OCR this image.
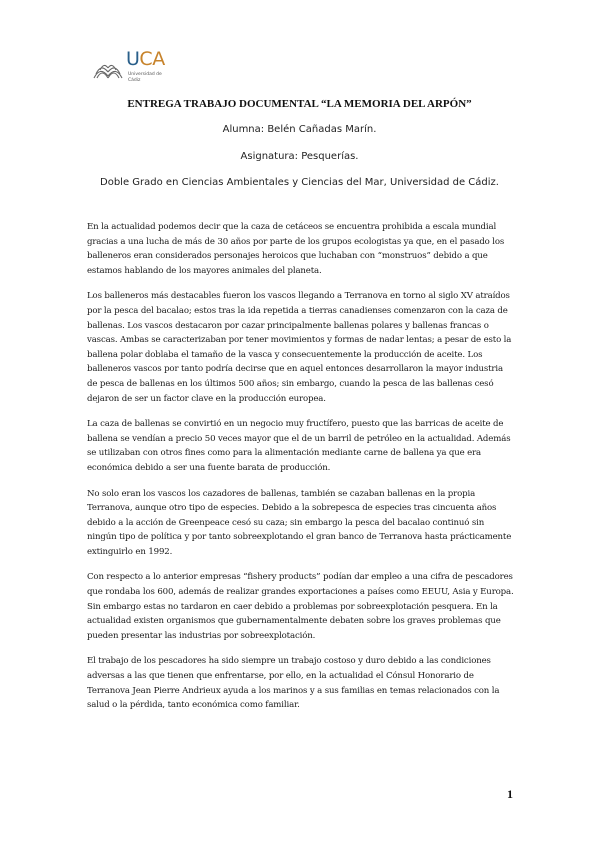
UCA
Universidad de Cádiz
ENTREGA TRABAJO DOCUMENTAL “LA MEMORIA DEL ARPÓN”
Alumna: Belén Cañadas Marín.
Asignatura: Pesquerías.
Doble Grado en Ciencias Ambientales y Ciencias del Mar, Universidad de Cádiz.

En la actualidad podemos decir que la caza de cetáceos se encuentra prohibida a escala mundial gracias a una lucha de más de 30 años por parte de los grupos ecologistas ya que, en el pasado los balleneros eran considerados personajes heroicos que luchaban con “monstruos” debido a que estamos hablando de los mayores animales del planeta.

Los balleneros más destacables fueron los vascos llegando a Terranova en torno al siglo XV atraídos por la pesca del bacalao; estos tras la ida repetida a tierras canadienses comenzaron con la caza de ballenas. Los vascos destacaron por cazar principalmente ballenas polares y ballenas francas o vascas. Ambas se caracterizaban por tener movimientos y formas de nadar lentas; a pesar de esto la ballena polar doblaba el tamaño de la vasca y consecuentemente la producción de aceite. Los balleneros vascos por tanto podría decirse que en aquel entonces desarrollaron la mayor industria de pesca de ballenas en los últimos 500 años; sin embargo, cuando la pesca de las ballenas cesó dejaron de ser un factor clave en la producción europea.

La caza de ballenas se convirtió en un negocio muy fructífero, puesto que las barricas de aceite de ballena se vendían a precio 50 veces mayor que el de un barril de petróleo en la actualidad. Además se utilizaban con otros fines como para la alimentación mediante carne de ballena ya que era económica debido a ser una fuente barata de producción.

No solo eran los vascos los cazadores de ballenas, también se cazaban ballenas en la propia Terranova, aunque otro tipo de especies. Debido a la sobrepesca de especies tras cincuenta años debido a la acción de Greenpeace cesó su caza; sin embargo la pesca del bacalao continuó sin ningún tipo de política y por tanto sobreexplotando el gran banco de Terranova hasta prácticamente extinguirlo en 1992.

Con respecto a lo anterior empresas “fishery products” podían dar empleo a una cifra de pescadores que rondaba los 600, además de realizar grandes exportaciones a países como EEUU, Asia y Europa. Sin embargo estas no tardaron en caer debido a problemas por sobreexplotación pesquera. En la actualidad existen organismos que gubernamentalmente debaten sobre los graves problemas que pueden presentar las industrias por sobreexplotación.

El trabajo de los pescadores ha sido siempre un trabajo costoso y duro debido a las condiciones adversas a las que tienen que enfrentarse, por ello, en la actualidad el Cónsul Honorario de Terranova Jean Pierre Andrieux ayuda a los marinos y a sus familias en temas relacionados con la salud o la pérdida, tanto económica como familiar.

1
